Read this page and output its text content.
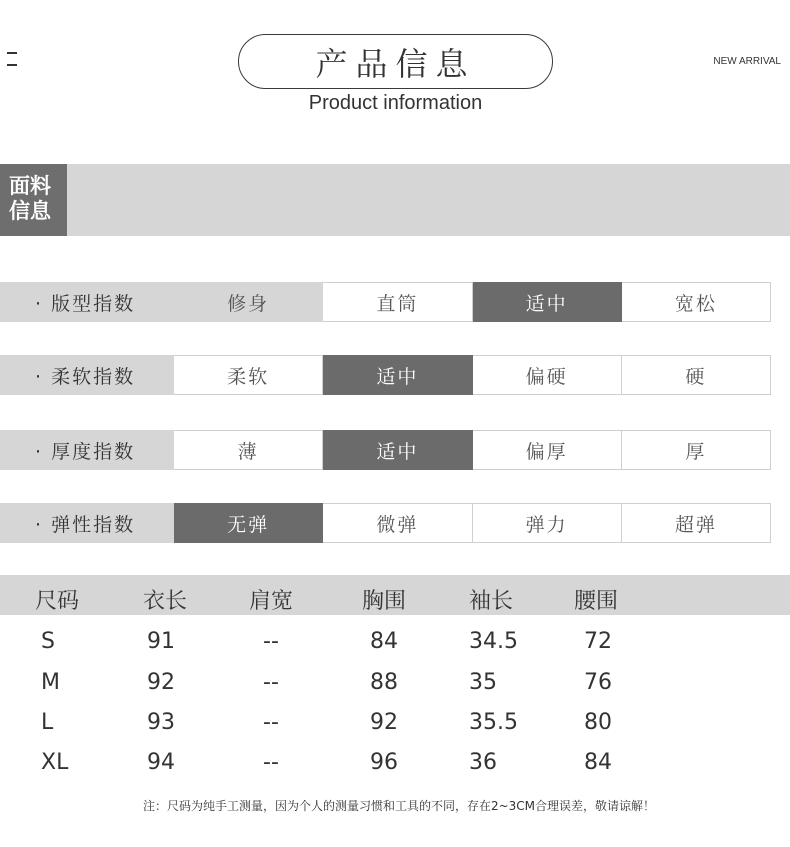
产品信息
Product information
NEW ARRIVAL
面料
信息
· 版型指数	修身	直筒	适中	宽松
· 柔软指数	柔软	适中	偏硬	硬
· 厚度指数	薄	适中	偏厚	厚
· 弹性指数	无弹	微弹	弹力	超弹
尺码	衣长	肩宽	胸围	袖长	腰围
S	91	--	84	34.5	72
M	92	--	88	35	76
L	93	--	92	35.5	80
XL	94	--	96	36	84
注：尺码为纯手工测量，因为个人的测量习惯和工具的不同，存在2~3CM合理误差，敬请谅解！
